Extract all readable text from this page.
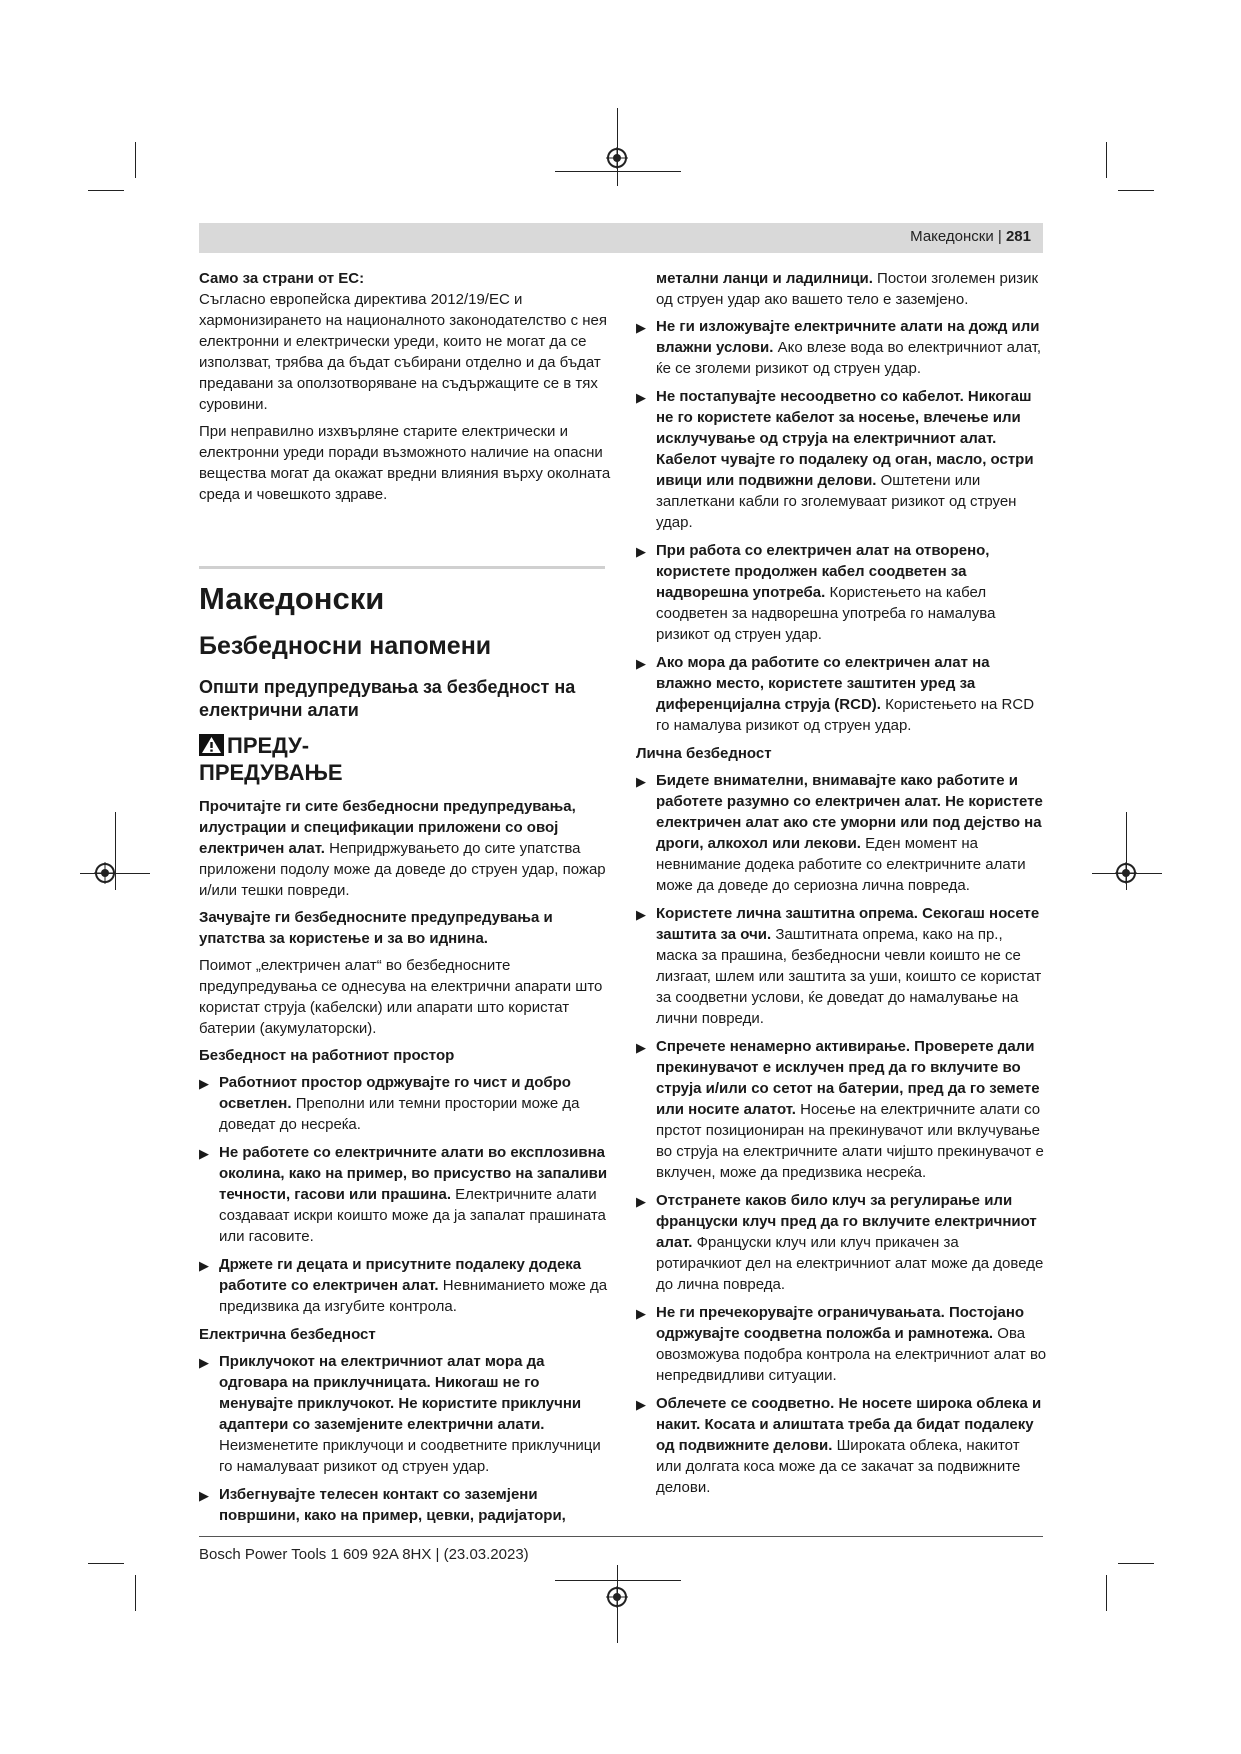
Македонски | 281

Само за страни от ЕС:

Съгласно европейска директива 2012/19/ЕС и хармонизирането на националното законодателство с нея електронни и електрически уреди, които не могат да се използват, трябва да бъдат събирани отделно и да бъдат предавани за оползотворяване на съдържащите се в тях суровини.

При неправилно изхвърляне старите електрически и електронни уреди поради възможното наличие на опасни вещества могат да окажат вредни влияния върху околната среда и човешкото здраве.

Македонски
Безбедносни напомени
Општи предупредувања за безбедност на електрични алати
ПРЕДУ-ПРЕДУВАЊЕ

Прочитајте ги сите безбедносни предупредувања, илустрации и спецификации приложени со овој електричен алат. Непридржувањето до сите упатства приложени подолу може да доведе до струен удар, пожар и/или тешки повреди.

Зачувајте ги безбедносните предупредувања и упатства за користење и за во иднина.

Поимот „електричен алат“ во безбедносните предупредувања се однесува на електрични апарати што користат струја (кабелски) или апарати што користат батерии (акумулаторски).

Безбедност на работниот простор

▶ Работниот простор одржувајте го чист и добро осветлен. Преполни или темни простории може да доведат до несреќа.
▶ Не работете со електричните алати во експлозивна околина, како на пример, во присуство на запаливи течности, гасови или прашина. Електричните алати создаваат искри коишто може да ја запалат прашината или гасовите.
▶ Држете ги децата и присутните подалеку додека работите со електричен алат. Невниманието може да предизвика да изгубите контрола.

Електрична безбедност

▶ Приклучокот на електричниот алат мора да одговара на приклучницата. Никогаш не го менувајте приклучокот. Не користите приклучни адаптери со заземјените електрични алати. Неизменетите приклучоци и соодветните приклучници го намалуваат ризикот од струен удар.
▶ Избегнувајте телесен контакт со заземјени површини, како на пример, цевки, радијатори,

метални ланци и ладилници. Постои зголемен ризик од струен удар ако вашето тело е заземјено.

▶ Не ги изложувајте електричните алати на дожд или влажни услови. Ако влезе вода во електричниот алат, ќе се зголеми ризикот од струен удар.
▶ Не постапувајте несоодветно со кабелот. Никогаш не го користете кабелот за носење, влечење или исклучување од струја на електричниот алат. Кабелот чувајте го подалеку од оган, масло, остри ивици или подвижни делови. Оштетени или заплеткани кабли го зголемуваат ризикот од струен удар.
▶ При работа со електричен алат на отворено, користете продолжен кабел соодветен за надворешна употреба. Користењето на кабел соодветен за надворешна употреба го намалува ризикот од струен удар.
▶ Ако мора да работите со електричен алат на влажно место, користете заштитен уред за диференцијална струја (RCD). Користењето на RCD го намалува ризикот од струен удар.

Лична безбедност

▶ Бидете внимателни, внимавајте како работите и работете разумно со електричен алат. Не користете електричен алат ако сте уморни или под дејство на дроги, алкохол или лекови. Еден момент на невнимание додека работите со електричните алати може да доведе до сериозна лична повреда.
▶ Користете лична заштитна опрема. Секогаш носете заштита за очи. Заштитната опрема, како на пр., маска за прашина, безбедносни чевли коишто не се лизгаат, шлем или заштита за уши, коишто се користат за соодветни услови, ќе доведат до намалување на лични повреди.
▶ Спречете ненамерно активирање. Проверете дали прекинувачот е исклучен пред да го вклучите во струја и/или со сетот на батерии, пред да го земете или носите алатот. Носење на електричните алати со прстот позициониран на прекинувачот или вклучување во струја на електричните алати чијшто прекинувачот е вклучен, може да предизвика несреќа.
▶ Отстранете каков било клуч за регулирање или француски клуч пред да го вклучите електричниот алат. Француски клуч или клуч прикачен за ротирачкиот дел на електричниот алат може да доведе до лична повреда.
▶ Не ги пречекорувајте ограничувањата. Постојано одржувајте соодветна положба и рамнотежа. Ова овозможува подобра контрола на електричниот алат во непредвидливи ситуации.
▶ Облечете се соодветно. Не носете широка облека и накит. Косата и алиштата треба да бидат подалеку од подвижните делови. Широката облека, накитот или долгата коса може да се закачат за подвижните делови.
Bosch Power Tools 1 609 92A 8HX | (23.03.2023)
